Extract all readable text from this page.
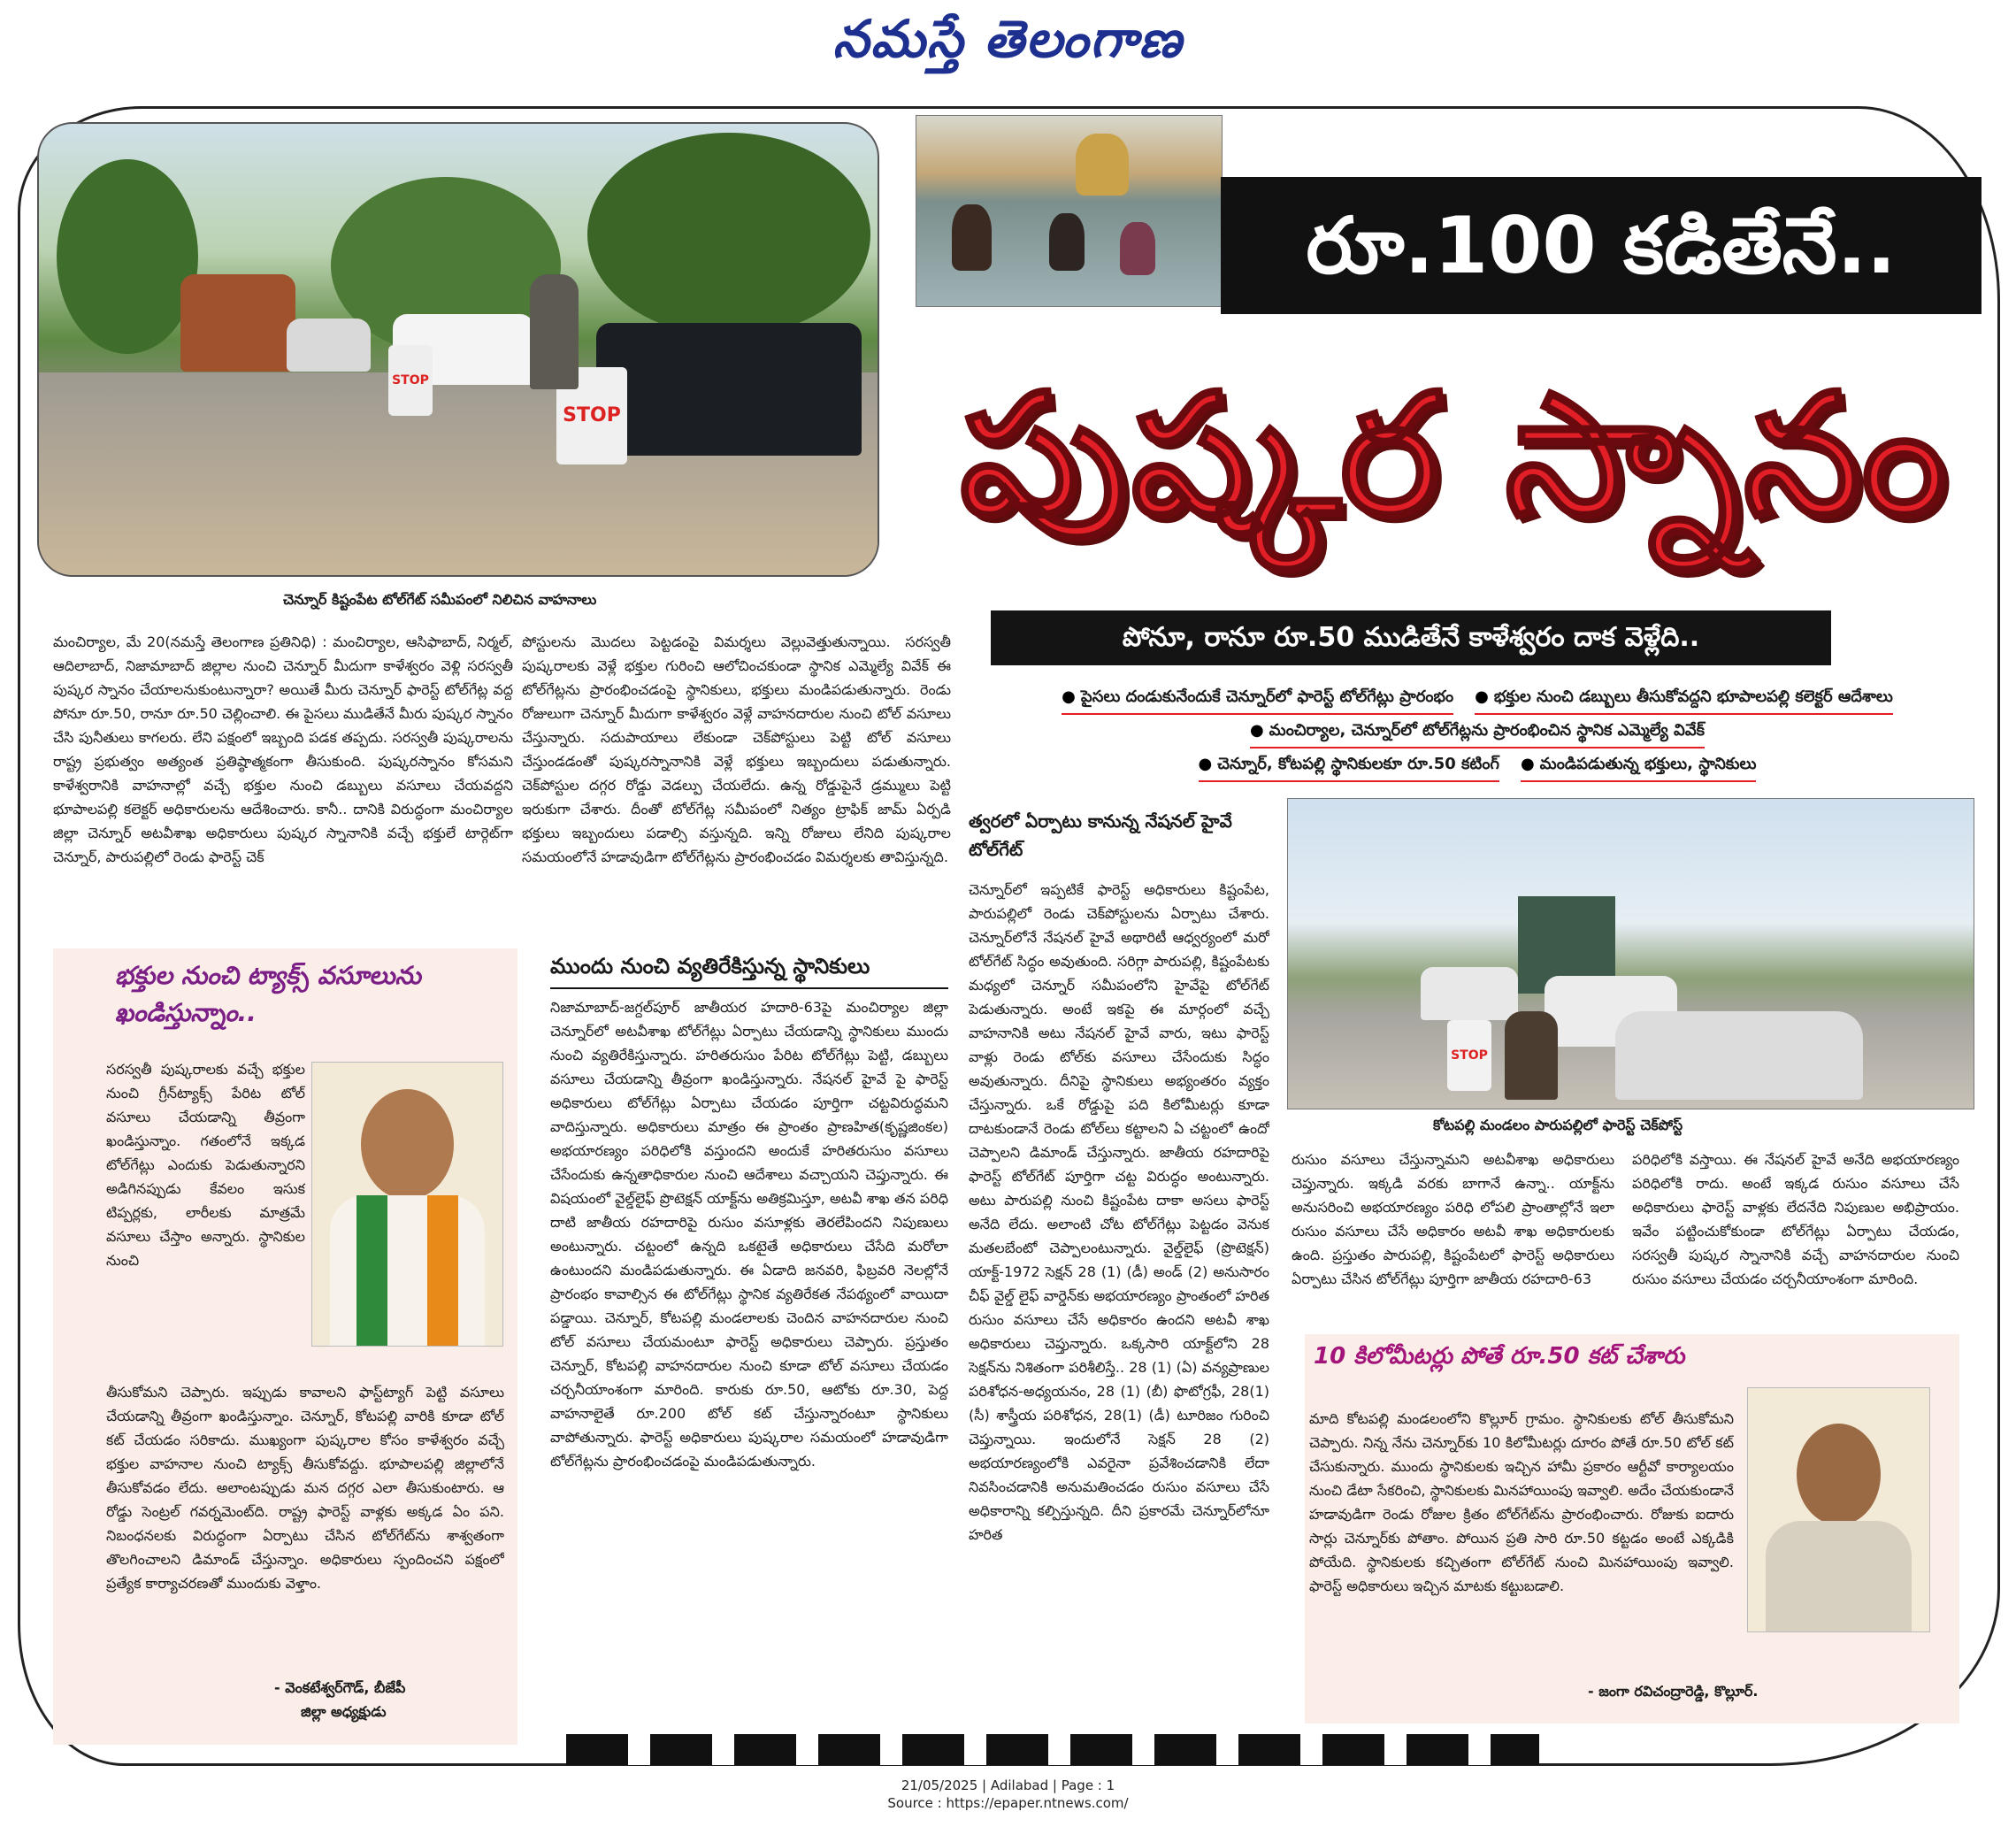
నమస్తే తెలంగాణ
STOP
STOP
చెన్నూర్ కిష్టంపేట టోల్‌గేట్ సమీపంలో నిలిచిన వాహనాలు
రూ.100 కడితేనే..
పుష్కర స్నానం
పోనూ, రానూ రూ.50 ముడితేనే కాళేశ్వరం దాక వెళ్లేది..
● పైసలు దండుకునేందుకే చెన్నూర్‌లో ఫారెస్ట్ టోల్‌గేట్లు ప్రారంభం ● భక్తుల నుంచి డబ్బులు తీసుకోవద్దని భూపాలపల్లి కలెక్టర్ ఆదేశాలు
● మంచిర్యాల, చెన్నూర్‌లో టోల్‌గేట్లను ప్రారంభించిన స్థానిక ఎమ్మెల్యే వివేక్
● చెన్నూర్, కోటపల్లి స్థానికులకూ రూ.50 కటింగ్ ● మండిపడుతున్న భక్తులు, స్థానికులు
మంచిర్యాల, మే 20(నమస్తే తెలంగాణ ప్రతినిధి) : మంచిర్యాల, ఆసిఫాబాద్, నిర్మల్, ఆదిలాబాద్, నిజామాబాద్ జిల్లాల నుంచి చెన్నూర్ మీదుగా కాళేశ్వరం వెళ్లి సరస్వతీ పుష్కర స్నానం చేయాలనుకుంటున్నారా? అయితే మీరు చెన్నూర్ ఫారెస్ట్ టోల్‌గేట్ల వద్ద పోనూ రూ.50, రానూ రూ.50 చెల్లించాలి. ఈ పైసలు ముడితేనే మీరు పుష్కర స్నానం చేసి పునీతులు కాగలరు. లేని పక్షంలో ఇబ్బంది పడక తప్పదు. సరస్వతీ పుష్కరాలను రాష్ట్ర ప్రభుత్వం అత్యంత ప్రతిష్ఠాత్మకంగా తీసుకుంది. పుష్కరస్నానం కోసమని కాళేశ్వరానికి వాహనాల్లో వచ్చే భక్తుల నుంచి డబ్బులు వసూలు చేయవద్దని భూపాలపల్లి కలెక్టర్ అధికారులను ఆదేశించారు. కానీ.. దానికి విరుద్ధంగా మంచిర్యాల జిల్లా చెన్నూర్ అటవీశాఖ అధికారులు పుష్కర స్నానానికి వచ్చే భక్తులే టార్గెట్‌గా చెన్నూర్, పారుపల్లిలో రెండు ఫారెస్ట్ చెక్
పోస్టులను మొదలు పెట్టడంపై విమర్శలు వెల్లువెత్తుతున్నాయి. సరస్వతీ పుష్కరాలకు వెళ్లే భక్తుల గురించి ఆలోచించకుండా స్థానిక ఎమ్మెల్యే వివేక్ ఈ టోల్‌గేట్లను ప్రారంభించడంపై స్థానికులు, భక్తులు మండిపడుతున్నారు. రెండు రోజులుగా చెన్నూర్ మీదుగా కాళేశ్వరం వెళ్లే వాహనదారుల నుంచి టోల్ వసూలు చేస్తున్నారు. సదుపాయాలు లేకుండా చెక్‌పోస్టులు పెట్టి టోల్ వసూలు చేస్తుండడంతో పుష్కరస్నానానికి వెళ్లే భక్తులు ఇబ్బందులు పడుతున్నారు. చెక్‌పోస్టుల దగ్గర రోడ్డు వెడల్పు చేయలేదు. ఉన్న రోడ్డుపైనే డ్రమ్ములు పెట్టి ఇరుకుగా చేశారు. దీంతో టోల్‌గేట్ల సమీపంలో నిత్యం ట్రాఫిక్ జామ్ ఏర్పడి భక్తులు ఇబ్బందులు పడాల్సి వస్తున్నది. ఇన్ని రోజులు లేనిది పుష్కరాల సమయంలోనే హడావుడిగా టోల్‌గేట్లను ప్రారంభించడం విమర్శలకు తావిస్తున్నది.
ముందు నుంచి వ్యతిరేకిస్తున్న స్థానికులు
నిజామాబాద్-జగ్దల్‌పూర్ జాతీయర హదారి-63పై మంచిర్యాల జిల్లా చెన్నూర్‌లో అటవీశాఖ టోల్‌గేట్లు ఏర్పాటు చేయడాన్ని స్థానికులు ముందు నుంచి వ్యతిరేకిస్తున్నారు. హరితరుసుం పేరిట టోల్‌గేట్లు పెట్టి, డబ్బులు వసూలు చేయడాన్ని తీవ్రంగా ఖండిస్తున్నారు. నేషనల్ హైవే పై ఫారెస్ట్ అధికారులు టోల్‌గేట్లు ఏర్పాటు చేయడం పూర్తిగా చట్టవిరుద్ధమని వాదిస్తున్నారు. అధికారులు మాత్రం ఈ ప్రాంతం ప్రాణహిత(కృష్ణజింకల) అభయారణ్యం పరిధిలోకి వస్తుందని అందుకే హరితరుసుం వసూలు చేసేందుకు ఉన్నతాధికారుల నుంచి ఆదేశాలు వచ్చాయని చెప్తున్నారు. ఈ విషయంలో వైల్డ్‌లైఫ్ ప్రొటెక్షన్ యాక్ట్‌ను అతిక్రమిస్తూ, అటవీ శాఖ తన పరిధి దాటి జాతీయ రహదారిపై రుసుం వసూళ్లకు తెరలేపిందని నిపుణులు అంటున్నారు. చట్టంలో ఉన్నది ఒకటైతే అధికారులు చేసేది మరోలా ఉంటుందని మండిపడుతున్నారు. ఈ ఏడాది జనవరి, ఫిబ్రవరి నెలల్లోనే ప్రారంభం కావాల్సిన ఈ టోల్‌గేట్లు స్థానిక వ్యతిరేకత నేపథ్యంలో వాయిదా పడ్డాయి. చెన్నూర్, కోటపల్లి మండలాలకు చెందిన వాహనదారుల నుంచి టోల్ వసూలు చేయమంటూ ఫారెస్ట్ అధికారులు చెప్పారు. ప్రస్తుతం చెన్నూర్, కోటపల్లి వాహనదారుల నుంచి కూడా టోల్ వసూలు చేయడం చర్చనీయాంశంగా మారింది. కారుకు రూ.50, ఆటోకు రూ.30, పెద్ద వాహనాలైతే రూ.200 టోల్ కట్ చేస్తున్నారంటూ స్థానికులు వాపోతున్నారు. ఫారెస్ట్ అధికారులు పుష్కరాల సమయంలో హడావుడిగా టోల్‌గేట్లను ప్రారంభించడంపై మండిపడుతున్నారు.
త్వరలో ఏర్పాటు కానున్న నేషనల్ హైవే టోల్‌గేట్
చెన్నూర్‌లో ఇప్పటికే ఫారెస్ట్ అధికారులు కిష్టంపేట, పారుపల్లిలో రెండు చెక్‌పోస్టులను ఏర్పాటు చేశారు. చెన్నూర్‌లోనే నేషనల్ హైవే అథారిటీ ఆధ్వర్యంలో మరో టోల్‌గేట్ సిద్ధం అవుతుంది. సరిగ్గా పారుపల్లి, కిష్టంపేటకు మధ్యలో చెన్నూర్ సమీపంలోని హైవేపై టోల్‌గేట్ పెడుతున్నారు. అంటే ఇకపై ఈ మార్గంలో వచ్చే వాహనానికి అటు నేషనల్ హైవే వారు, ఇటు ఫారెస్ట్ వాళ్లు రెండు టోల్‌కు వసూలు చేసేందుకు సిద్ధం అవుతున్నారు. దీనిపై స్థానికులు అభ్యంతరం వ్యక్తం చేస్తున్నారు. ఒకే రోడ్డుపై పది కిలోమీటర్లు కూడా దాటకుండానే రెండు టోల్‌లు కట్టాలని ఏ చట్టంలో ఉందో చెప్పాలని డిమాండ్ చేస్తున్నారు. జాతీయ రహదారిపై ఫారెస్ట్ టోల్‌గేట్ పూర్తిగా చట్ట విరుద్ధం అంటున్నారు. అటు పారుపల్లి నుంచి కిష్టంపేట దాకా అసలు ఫారెస్ట్ అనేది లేదు. అలాంటి చోట టోల్‌గేట్లు పెట్టడం వెనుక మతలబేంటో చెప్పాలంటున్నారు. వైల్డ్‌లైఫ్ (ప్రొటెక్షన్) యాక్ట్-1972 సెక్షన్ 28 (1) (డీ) అండ్ (2) అనుసారం చీఫ్ వైల్డ్ లైఫ్ వార్డెన్‌కు అభయారణ్యం ప్రాంతంలో హరిత రుసుం వసూలు చేసే అధికారం ఉందని అటవీ శాఖ అధికారులు చెప్తున్నారు. ఒక్కసారి యాక్ట్‌లోని 28 సెక్షన్‌ను నిశితంగా పరిశీలిస్తే.. 28 (1) (ఏ) వన్యప్రాణుల పరిశోధన-అధ్యయనం, 28 (1) (బీ) ఫొటోగ్రఫీ, 28(1) (సీ) శాస్త్రీయ పరిశోధన, 28(1) (డీ) టూరిజం గురించి చెప్తున్నాయి. ఇందులోనే సెక్షన్ 28 (2) అభయారణ్యంలోకి ఎవరైనా ప్రవేశించడానికి లేదా నివసించడానికి అనుమతించడం రుసుం వసూలు చేసే అధికారాన్ని కల్పిస్తున్నది. దీని ప్రకారమే చెన్నూర్‌లోనూ హరిత
STOP
కోటపల్లి మండలం పారుపల్లిలో ఫారెస్ట్ చెక్‌పోస్ట్
రుసుం వసూలు చేస్తున్నామని అటవీశాఖ అధికారులు చెప్తున్నారు. ఇక్కడి వరకు బాగానే ఉన్నా.. యాక్ట్‌ను అనుసరించి అభయారణ్యం పరిధి లోపలి ప్రాంతాల్లోనే ఇలా రుసుం వసూలు చేసే అధికారం అటవీ శాఖ అధికారులకు ఉంది. ప్రస్తుతం పారుపల్లి, కిష్టంపేటలో ఫారెస్ట్ అధికారులు ఏర్పాటు చేసిన టోల్‌గేట్లు పూర్తిగా జాతీయ రహదారి-63
పరిధిలోకి వస్తాయి. ఈ నేషనల్ హైవే అనేది అభయారణ్యం పరిధిలోకి రాదు. అంటే ఇక్కడ రుసుం వసూలు చేసే అధికారులు ఫారెస్ట్ వాళ్లకు లేదనేది నిపుణుల అభిప్రాయం. ఇవేం పట్టించుకోకుండా టోల్‌గేట్లు ఏర్పాటు చేయడం, సరస్వతీ పుష్కర స్నానానికి వచ్చే వాహనదారుల నుంచి రుసుం వసూలు చేయడం చర్చనీయాంశంగా మారింది.
భక్తుల నుంచి ట్యాక్స్ వసూలును ఖండిస్తున్నాం..
సరస్వతీ పుష్కరాలకు వచ్చే భక్తుల నుంచి గ్రీన్‌ట్యాక్స్ పేరిట టోల్ వసూలు చేయడాన్ని తీవ్రంగా ఖండిస్తున్నాం. గతంలోనే ఇక్కడ టోల్‌గేట్లు ఎందుకు పెడుతున్నారని అడిగినప్పుడు కేవలం ఇసుక టిప్పర్లకు, లారీలకు మాత్రమే వసూలు చేస్తాం అన్నారు. స్థానికుల నుంచి
తీసుకోమని చెప్పారు. ఇప్పుడు కావాలని ఫాస్ట్‌ట్యాగ్ పెట్టి వసూలు చేయడాన్ని తీవ్రంగా ఖండిస్తున్నాం. చెన్నూర్, కోటపల్లి వారికి కూడా టోల్ కట్ చేయడం సరికాదు. ముఖ్యంగా పుష్కరాల కోసం కాళేశ్వరం వచ్చే భక్తుల వాహనాల నుంచి ట్యాక్స్ తీసుకోవద్దు. భూపాలపల్లి జిల్లాలోనే తీసుకోవడం లేదు. అలాంటప్పుడు మన దగ్గర ఎలా తీసుకుంటారు. ఆ రోడ్డు సెంట్రల్ గవర్నమెంట్‌ది. రాష్ట్ర ఫారెస్ట్ వాళ్లకు అక్కడ ఏం పని. నిబంధనలకు విరుద్ధంగా ఏర్పాటు చేసిన టోల్‌గేట్‌ను శాశ్వతంగా తొలగించాలని డిమాండ్ చేస్తున్నాం. అధికారులు స్పందించని పక్షంలో ప్రత్యేక కార్యాచరణతో ముందుకు వెళ్తాం.
- వెంకటేశ్వర్‌గౌడ్, బీజేపీ
జిల్లా అధ్యక్షుడు
10 కిలోమీటర్లు పోతే రూ.50 కట్ చేశారు
మాది కోటపల్లి మండలంలోని కొల్లూర్ గ్రామం. స్థానికులకు టోల్ తీసుకోమని చెప్పారు. నిన్న నేను చెన్నూర్‌కు 10 కిలోమీటర్లు దూరం పోతే రూ.50 టోల్ కట్ చేసుకున్నారు. ముందు స్థానికులకు ఇచ్చిన హామీ ప్రకారం ఆర్టీవో కార్యాలయం నుంచి డేటా సేకరించి, స్థానికులకు మినహాయింపు ఇవ్వాలి. అదేం చేయకుండానే హడావుడిగా రెండు రోజుల క్రితం టోల్‌గేట్‌ను ప్రారంభించారు. రోజుకు ఐదారు సార్లు చెన్నూర్‌కు పోతాం. పోయిన ప్రతి సారి రూ.50 కట్టడం అంటే ఎక్కడికి పోయేది. స్థానికులకు కచ్చితంగా టోల్‌గేట్ నుంచి మినహాయింపు ఇవ్వాలి. ఫారెస్ట్ అధికారులు ఇచ్చిన మాటకు కట్టుబడాలి.
- జంగా రవిచంద్రారెడ్డి, కొల్లూర్.
21/05/2025 | Adilabad | Page : 1
Source : https://epaper.ntnews.com/
